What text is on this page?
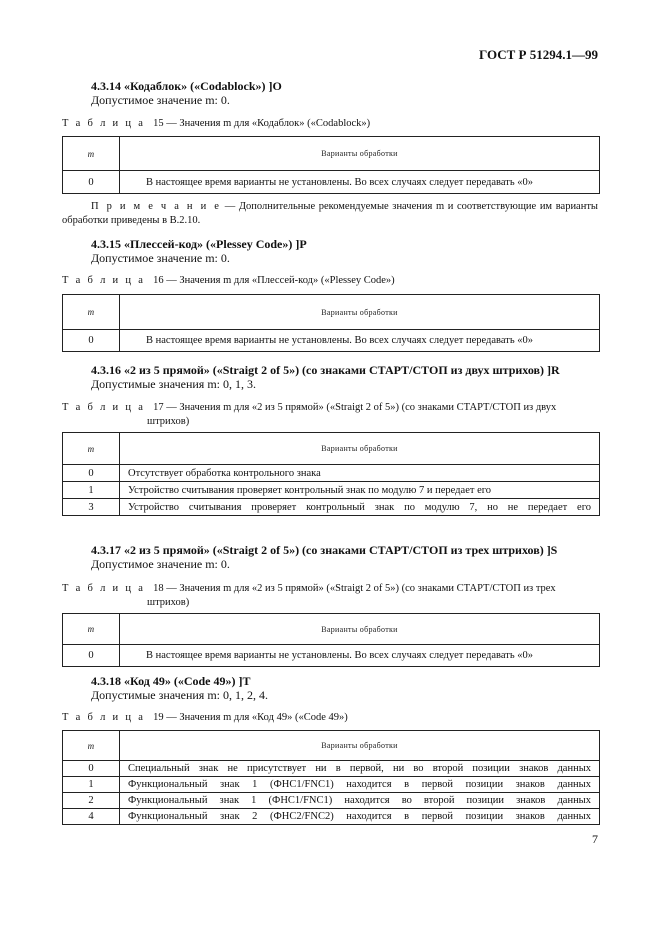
ГОСТ Р 51294.1—99
4.3.14 «Кодаблок» («Codablock») ]O
Допустимое значение m: 0.
Т а б л и ц а 15 — Значения m для «Кодаблок» («Codablock»)
m	Варианты обработки
0	В настоящее время варианты не установлены. Во всех случаях следует передавать «0»
П р и м е ч а н и е — Дополнительные рекомендуемые значения m и соответствующие им варианты
обработки приведены в В.2.10.
4.3.15 «Плессей-код» («Plessey Code») ]P
Допустимое значение m: 0.
Т а б л и ц а 16 — Значения m для «Плессей-код» («Plessey Code»)
m	Варианты обработки
0	В настоящее время варианты не установлены. Во всех случаях следует передавать «0»
4.3.16 «2 из 5 прямой» («Straigt 2 of 5») (со знаками СТАРТ/СТОП из двух штрихов) ]R
Допустимые значения m: 0, 1, 3.
Т а б л и ц а 17 — Значения m для «2 из 5 прямой» («Straigt 2 of 5») (со знаками СТАРТ/СТОП из двух
штрихов)
m	Варианты обработки
0	Отсутствует обработка контрольного знака
1	Устройство считывания проверяет контрольный знак по модулю 7 и передает его
3	Устройство считывания проверяет контрольный знак по модулю 7, но не передает его
4.3.17 «2 из 5 прямой» («Straigt 2 of 5») (со знаками СТАРТ/СТОП из трех штрихов) ]S
Допустимое значение m: 0.
Т а б л и ц а 18 — Значения m для «2 из 5 прямой» («Straigt 2 of 5») (со знаками СТАРТ/СТОП из трех
штрихов)
m	Варианты обработки
0	В настоящее время варианты не установлены. Во всех случаях следует передавать «0»
4.3.18 «Код 49» («Code 49») ]T
Допустимые значения m: 0, 1, 2, 4.
Т а б л и ц а 19 — Значения m для «Код 49» («Code 49»)
m	Варианты обработки
0	Специальный знак не присутствует ни в первой, ни во второй позиции знаков данных
1	Функциональный знак 1 (ФНС1/FNC1) находится в первой позиции знаков данных
2	Функциональный знак 1 (ФНС1/FNC1) находится во второй позиции знаков данных
4	Функциональный знак 2 (ФНС2/FNC2) находится в первой позиции знаков данных
7
